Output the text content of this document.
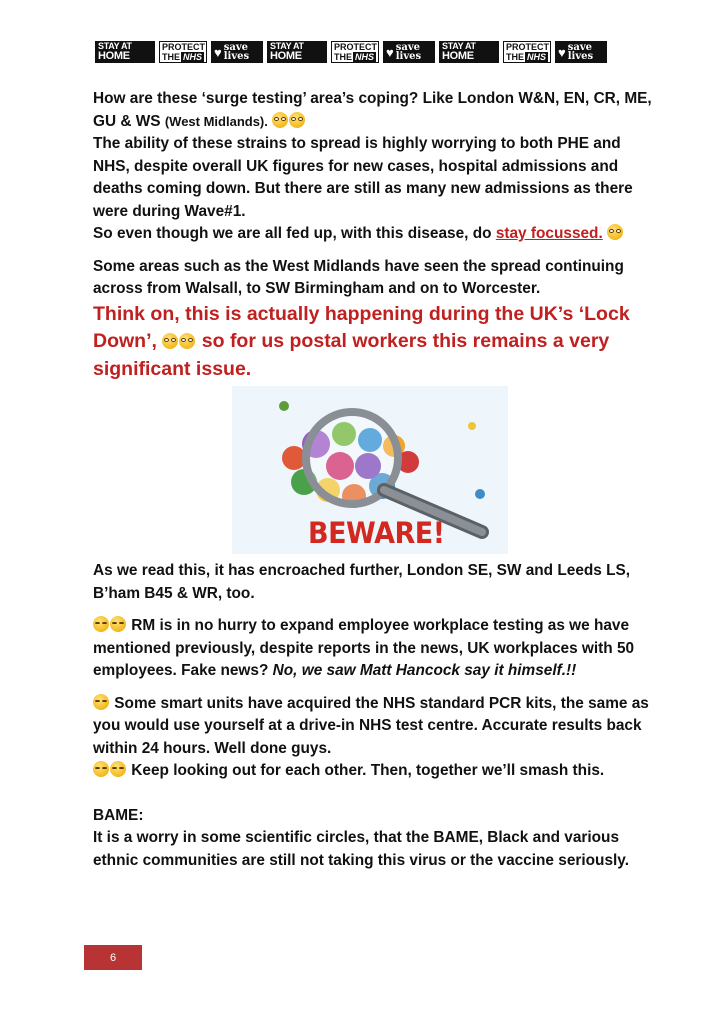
STAY AT
HOME
PROTECT
THE NHS ♥ save
lives
STAY AT
HOME
PROTECT
THE NHS ♥ save
lives
STAY AT
HOME
PROTECT
THE NHS ♥ save
lives

How are these ‘surge testing’ area’s coping? Like London W&N, EN, CR, ME, GU & WS (West Midlands).

The ability of these strains to spread is highly worrying to both PHE and NHS, despite overall UK figures for new cases, hospital admissions and deaths coming down. But there are still as many new admissions as there were during Wave#1.

So even though we are all fed up, with this disease, do stay focussed.

Some areas such as the West Midlands have seen the spread continuing across from Walsall, to SW Birmingham and on to Worcester.

Think on, this is actually happening during the UK’s ‘Lock Down’, so for us postal workers this remains a very significant issue.

As we read this, it has encroached further, London SE, SW and Leeds LS, B’ham B45 & WR, too.

RM is in no hurry to expand employee workplace testing as we have mentioned previously, despite reports in the news, UK workplaces with 50 employees. Fake news? No, we saw Matt Hancock say it himself.!!

Some smart units have acquired the NHS standard PCR kits, the same as you would use yourself at a drive-in NHS test centre. Accurate results back within 24 hours. Well done guys.

Keep looking out for each other. Then, together we’ll smash this.

BAME:

It is a worry in some scientific circles, that the BAME, Black and various ethnic communities are still not taking this virus or the vaccine seriously.

BEWARE!
6
